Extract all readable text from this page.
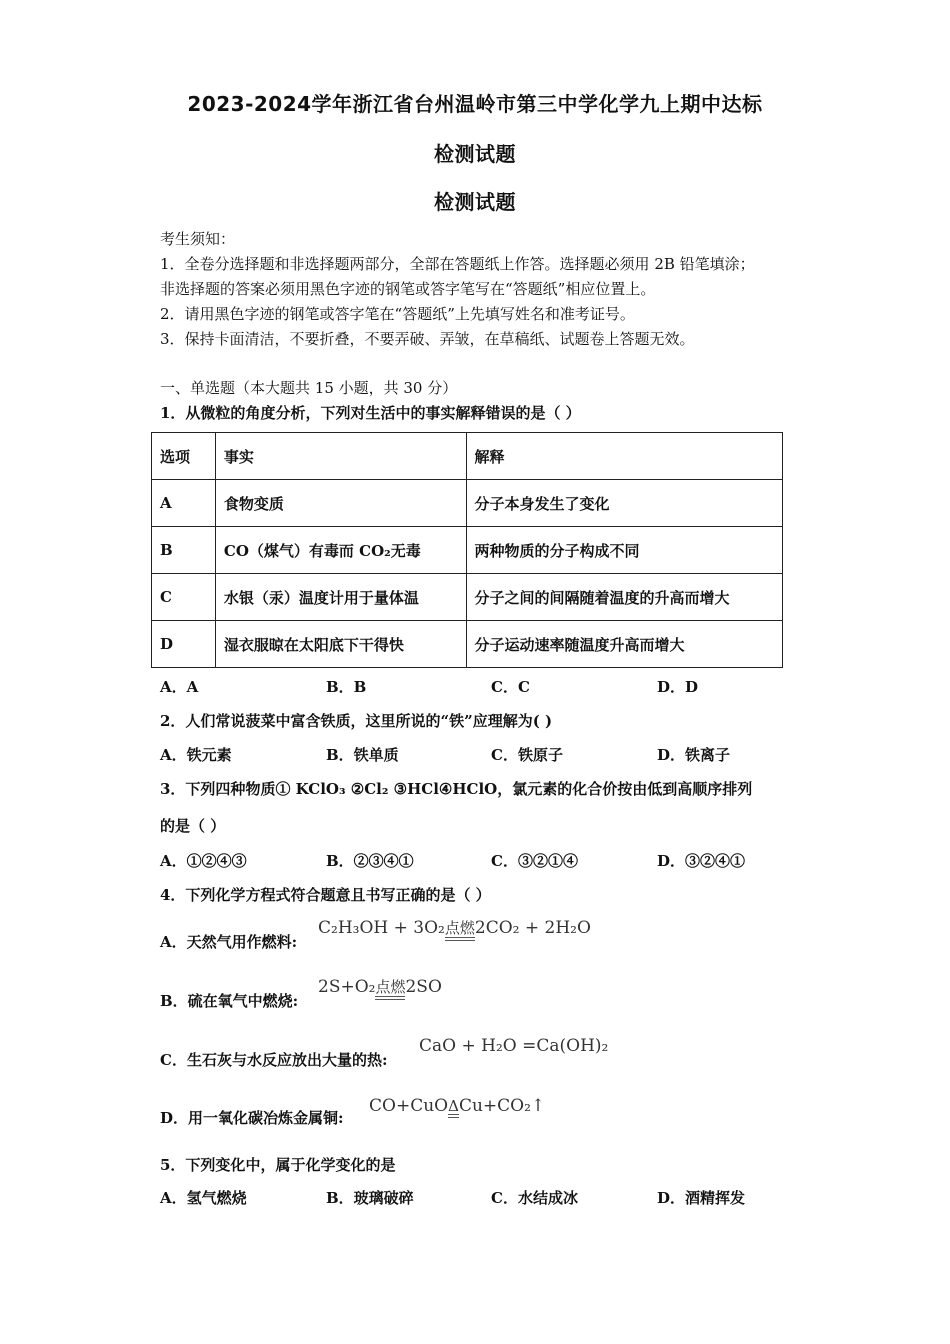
2023-2024学年浙江省台州温岭市第三中学化学九上期中达标
检测试题
检测试题
考生须知：
1．全卷分选择题和非选择题两部分，全部在答题纸上作答。选择题必须用 2B 铅笔填涂；
非选择题的答案必须用黑色字迹的钢笔或答字笔写在“答题纸”相应位置上。
2．请用黑色字迹的钢笔或答字笔在“答题纸”上先填写姓名和准考证号。
3．保持卡面清洁，不要折叠，不要弄破、弄皱，在草稿纸、试题卷上答题无效。
一、单选题（本大题共 15 小题，共 30 分）
1．从微粒的角度分析，下列对生活中的事实解释错误的是（ ）
选项	事实	解释
A	食物变质	分子本身发生了变化
B	CO（煤气）有毒而 CO₂无毒	两种物质的分子构成不同
C	水银（汞）温度计用于量体温	分子之间的间隔随着温度的升高而增大
D	湿衣服晾在太阳底下干得快	分子运动速率随温度升高而增大
A．A	B．B	C．C	D．D
2．人们常说菠菜中富含铁质，这里所说的“铁”应理解为( )
A．铁元素	B．铁单质	C．铁原子	D．铁离子
3．下列四种物质① KClO₃ ②Cl₂ ③HCl④HClO，氯元素的化合价按由低到高顺序排列
的是（ ）
A．①②④③	B．②③④①	C．③②①④	D．③②④①
4．下列化学方程式符合题意且书写正确的是（ ）
A．天然气用作燃料:
C₂H₃OH + 3O₂点燃2CO₂ + 2H₂O
B．硫在氧气中燃烧:
2S+O₂点燃2SO
C．生石灰与水反应放出大量的热:
CaO + H₂O =Ca(OH)₂
D．用一氧化碳冶炼金属铜:
CO+CuOΔCu+CO₂↑
5．下列变化中，属于化学变化的是
A．氢气燃烧	B．玻璃破碎	C．水结成冰	D．酒精挥发
